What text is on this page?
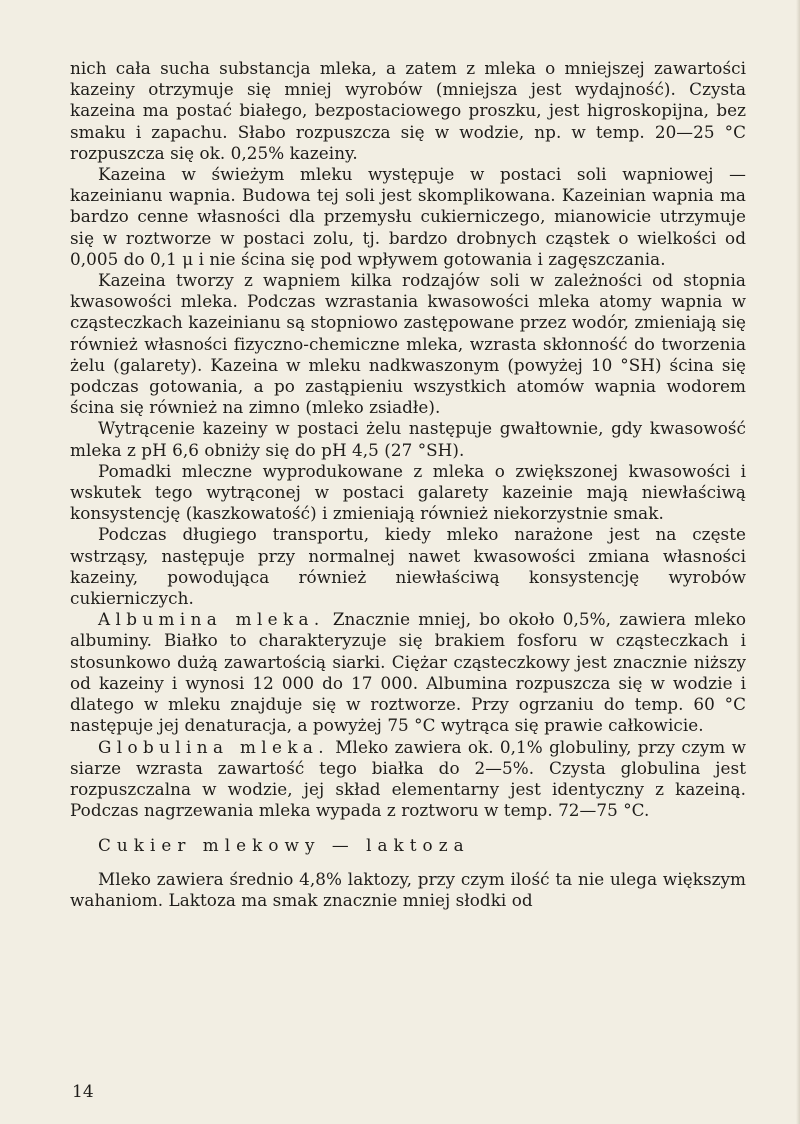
nich cała sucha substancja mleka, a zatem z mleka o mniejszej zawartości kazeiny otrzymuje się mniej wyrobów (mniejsza jest wydajność). Czysta kazeina ma postać białego, bezpostaciowego proszku, jest higroskopijna, bez smaku i zapachu. Słabo rozpuszcza się w wodzie, np. w temp. 20—25 °C rozpuszcza się ok. 0,25% kazeiny.

Kazeina w świeżym mleku występuje w postaci soli wapniowej — kazeinianu wapnia. Budowa tej soli jest skomplikowana. Kazeinian wapnia ma bardzo cenne własności dla przemysłu cukierniczego, mianowicie utrzymuje się w roztworze w postaci zolu, tj. bardzo drobnych cząstek o wielkości od 0,005 do 0,1 μ i nie ścina się pod wpływem gotowania i zagęszczania.

Kazeina tworzy z wapniem kilka rodzajów soli w zależności od stopnia kwasowości mleka. Podczas wzrastania kwasowości mleka atomy wapnia w cząsteczkach kazeinianu są stopniowo zastępowane przez wodór, zmieniają się również własności fizyczno-chemiczne mleka, wzrasta skłonność do tworzenia żelu (galarety). Kazeina w mleku nadkwaszonym (powyżej 10 °SH) ścina się podczas gotowania, a po zastąpieniu wszystkich atomów wapnia wodorem ścina się również na zimno (mleko zsiadłe).

Wytrącenie kazeiny w postaci żelu następuje gwałtownie, gdy kwasowość mleka z pH 6,6 obniży się do pH 4,5 (27 °SH).

Pomadki mleczne wyprodukowane z mleka o zwiększonej kwasowości i wskutek tego wytrąconej w postaci galarety kazeinie mają niewłaściwą konsystencję (kaszkowatość) i zmieniają również niekorzystnie smak.

Podczas długiego transportu, kiedy mleko narażone jest na częste wstrząsy, następuje przy normalnej nawet kwasowości zmiana własności kazeiny, powodująca również niewłaściwą konsystencję wyrobów cukierniczych.

Albumina mleka. Znacznie mniej, bo około 0,5%, zawiera mleko albuminy. Białko to charakteryzuje się brakiem fosforu w cząsteczkach i stosunkowo dużą zawartością siarki. Ciężar cząsteczkowy jest znacznie niższy od kazeiny i wynosi 12 000 do 17 000. Albumina rozpuszcza się w wodzie i dlatego w mleku znajduje się w roztworze. Przy ogrzaniu do temp. 60 °C następuje jej denaturacja, a powyżej 75 °C wytrąca się prawie całkowicie.

Globulina mleka. Mleko zawiera ok. 0,1% globuliny, przy czym w siarze wzrasta zawartość tego białka do 2—5%. Czysta globulina jest rozpuszczalna w wodzie, jej skład elementarny jest identyczny z kazeiną. Podczas nagrzewania mleka wypada z roztworu w temp. 72—75 °C.

Cukier mlekowy — laktoza

Mleko zawiera średnio 4,8% laktozy, przy czym ilość ta nie ulega większym wahaniom. Laktoza ma smak znacznie mniej słodki od

14
